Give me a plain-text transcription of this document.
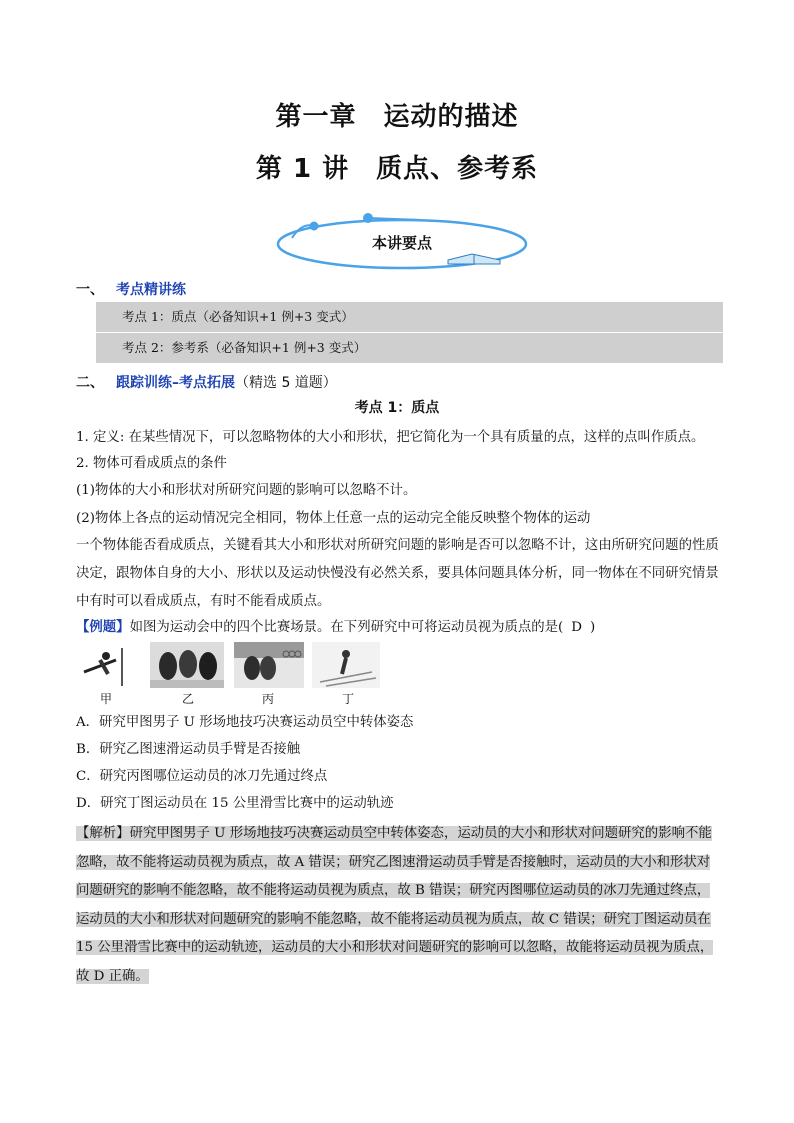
第一章　运动的描述
第 1 讲　质点、参考系
本讲要点
一、 考点精讲练
考点 1：质点（必备知识+1 例+3 变式）
考点 2：参考系（必备知识+1 例+3 变式）
二、 跟踪训练–考点拓展（精选 5 道题）
考点 1：质点
1. 定义: 在某些情况下，可以忽略物体的大小和形状，把它简化为一个具有质量的点，这样的点叫作质点。
2. 物体可看成质点的条件
(1)物体的大小和形状对所研究问题的影响可以忽略不计。
(2)物体上各点的运动情况完全相同，物体上任意一点的运动完全能反映整个物体的运动
一个物体能否看成质点，关键看其大小和形状对所研究问题的影响是否可以忽略不计，这由所研究问题的性质决定，跟物体自身的大小、形状以及运动快慢没有必然关系，要具体问题具体分析，同一物体在不同研究情景中有时可以看成质点，有时不能看成质点。
【例题】如图为运动会中的四个比赛场景。在下列研究中可将运动员视为质点的是( D )
甲	乙	丙	丁
A．研究甲图男子 U 形场地技巧决赛运动员空中转体姿态
B．研究乙图速滑运动员手臂是否接触
C．研究丙图哪位运动员的冰刀先通过终点
D．研究丁图运动员在 15 公里滑雪比赛中的运动轨迹
【解析】研究甲图男子 U 形场地技巧决赛运动员空中转体姿态，运动员的大小和形状对问题研究的影响不能忽略，故不能将运动员视为质点，故 A 错误；研究乙图速滑运动员手臂是否接触时，运动员的大小和形状对问题研究的影响不能忽略，故不能将运动员视为质点，故 B 错误；研究丙图哪位运动员的冰刀先通过终点，运动员的大小和形状对问题研究的影响不能忽略，故不能将运动员视为质点，故 C 错误；研究丁图运动员在 15 公里滑雪比赛中的运动轨迹，运动员的大小和形状对问题研究的影响可以忽略，故能将运动员视为质点，故 D 正确。
